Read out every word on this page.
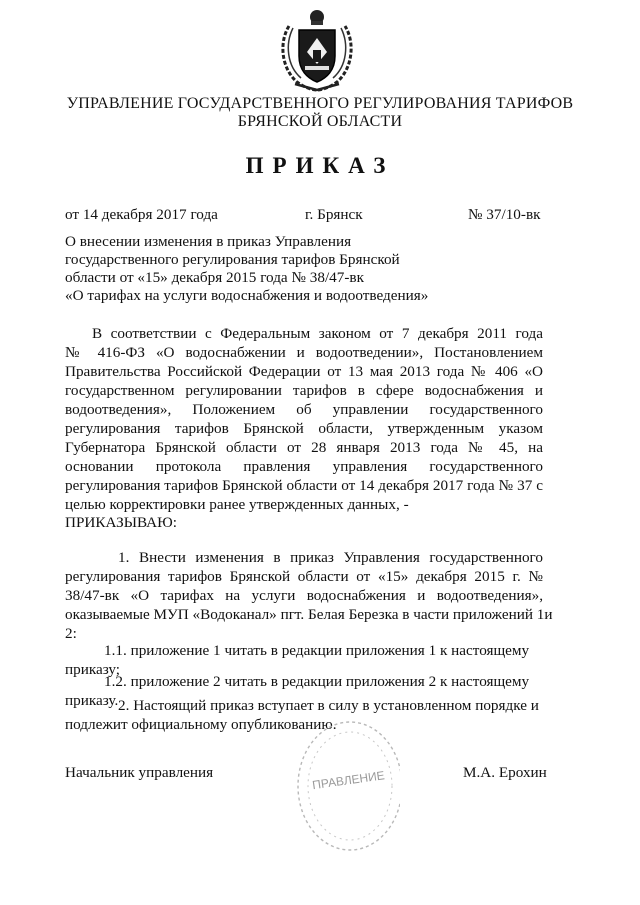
УПРАВЛЕНИЕ ГОСУДАРСТВЕННОГО РЕГУЛИРОВАНИЯ ТАРИФОВ
БРЯНСКОЙ ОБЛАСТИ
ПРИКАЗ
от 14 декабря 2017 года	г. Брянск	№ 37/10-вк
О внесении изменения в приказ Управления
государственного регулирования тарифов Брянской
области от «15» декабря 2015 года № 38/47-вк
«О тарифах на услуги водоснабжения и водоотведения»
В соответствии с Федеральным законом от 7 декабря 2011 года
№ 416-ФЗ «О водоснабжении и водоотведении», Постановлением
Правительства Российской Федерации от 13 мая 2013 года № 406 «О
государственном регулировании тарифов в сфере водоснабжения и
водоотведения», Положением об управлении государственного
регулирования тарифов Брянской области, утвержденным указом
Губернатора Брянской области от 28 января 2013 года № 45, на
основании протокола правления управления государственного
регулирования тарифов Брянской области от 14 декабря 2017 года № 37 с
целью корректировки ранее утвержденных данных, -
ПРИКАЗЫВАЮ:
1. Внести изменения в приказ Управления государственного
регулирования тарифов Брянской области от «15» декабря 2015 г. №
38/47-вк «О тарифах на услуги водоснабжения и водоотведения»,
оказываемые МУП «Водоканал» пгт. Белая Березка в части приложений 1и
2:
1.1. приложение 1 читать в редакции приложения 1 к настоящему
приказу;
1.2. приложение 2 читать в редакции приложения 2 к настоящему
приказу. 2. Настоящий приказ вступает в силу в установленном порядке и
подлежит официальному опубликованию.
Начальник управления	М.А. Ерохин
ПРАВЛЕНИЕ
